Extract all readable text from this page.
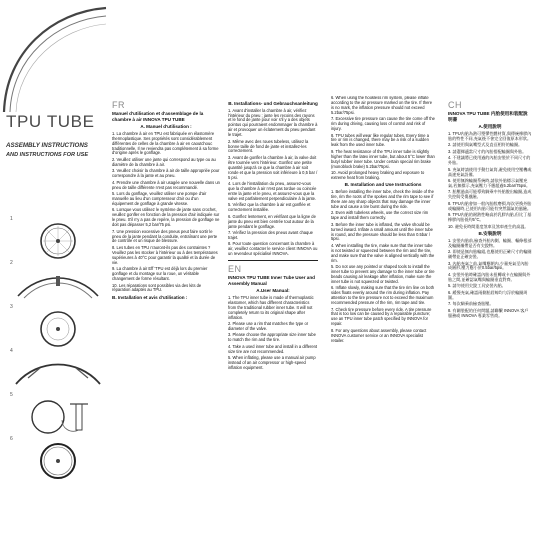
TPU TUBE
ASSEMBLY INSTRUCTIONS
AND INSTRUCTIONS FOR USE
1
2
3
4
5
6
FR
Manuel d'utilisation et d'assemblage de la chambre à air INNOVA TPU TUBE
A. Manuel d'utilisation :

1. La chambre à air en TPU est fabriquée en élastomère thermoplastique. Ses propriétés sont considérablement différentes de celles de la chambre à air en caoutchouc traditionnelle. Il ne reviendra pas complètement à sa forme d'origine après le gonflage.

2. Veuillez utiliser une jante qui correspond au type ou au diamètre de la chambre à air.

3. Veuillez choisir la chambre à air de taille appropriée pour correspondre à la jante et au pneu.

4. Prendre une chambre à air usagée une nouvelle dans un pneu de taille différente n'est pas recommandé.

5. Lors du gonflage, veuillez utiliser une pompe d'air manuelle au lieu d'un compresseur d'air ou d'un équipement de gonflage à grande vitesse.

6. Lorsque vous utilisez le système de jante sans crochet, veuillez gonfler en fonction de la pression d'air indiquée sur le pneu. S'il n'y a pas de repère, la pression de gonflage ne doit pas dépasser 5,2 bar/75 psi.

7. Une pression excessive des pneus peut faire sortir le pneu de la jante pendant la conduite, entraînant une perte de contrôle et un risque de blessure.

8. Les tubes en TPU n'auront-ils pas des contraintes ? Veuillez pas les stocker à l'intérieur ou à des températures supérieures à 40°C pour garantir la qualité et la durée de vie.

9. La chambre à air Eff 'TPU est déjà lors du premier gonflage et du montage sur la roue, un véritable changement de forme résultant.

10. Les réparations sont possibles via des kits de réparation adaptés au TPU.

B. Installation et avis d'utilisation :
B. Installations- und Gebrauchsanleitung

1. Avant d'installer la chambre à air, vérifiez l'intérieur du pneu ; jante les recoins des rayons et le fond de jante pour voir s'il y a des objets pointus qui pourraient endommager la chambre à air et provoquer un éclatement du pneu pendant le trajet.

2. Même avec des roues tubeless, utilisez la bonne taille de fond de jante et installez-les correctement.

3. Avant de gonfler la chambre à air, la valve doit être tournée vers l'intérieur. Gonflez une petite quantité jusqu'à ce que la chambre à air soit ronde et que la pression soit inférieure à 0,5 bar / 5 psi.

4. Lors de l'installation du pneu, assurez-vous que la chambre à air n'est pas tordue ou coincée entre la jante et le pneu, et assurez-vous que la valve est parfaitement perpendiculaire à la jante.

5. Vérifiez que la chambre à air est gonflée et correctement installée.

6. Gonflez lentement, en vérifiant que la ligne de jante du pneu est bien centrée tout autour de la jante pendant le gonflage.

7. Vérifiez la pression des pneus avant chaque trajet.

8. Pour toute question concernant la chambre à air, veuillez contacter le service client INNOVA ou un revendeur spécialisé INNOVA.

EN
INNOVA TPU TUBE Inner Tube User and Assembly Manual
A.User Manual:

1. The TPU inner tube is made of thermoplastic elastomer, which has different characteristics from the traditional rubber inner tube. It will not completely return to its original shape after inflation.

2. Please use a rim that matches the type or diameter of the valve.

3. Please choose the appropriate size inner tube to match the rim and the tire.

4. Take a used inner tube and install in a different size tire are not recommended.

5. When inflating, please use a manual air pump instead of an air compressor or high-speed inflation equipment.

6. When using the hookless rim system, please inflate according to the air pressure marked on the tire. If there is no mark, the inflation pressure should not exceed 5.2bar/75psi.

7. Excessive tire pressure can cause the tire come off the rim during driving, causing loss of control and risk of injury.

8. TPU tubes will wear like regular tubes. Every time a tire or rim is changed, there may be a risk of a sudden leak from the used inner tube.

9. The heat resistance of the TPU inner tube is slightly higher than the latex inner tube, but about 5°C lower than butyl rubber inner tube. Under certain special rim brake (monoblock brake) 5.2bar/75psi.

10. Avoid prolonged heavy braking and exposure to extreme heat from braking.

B. Installation and Use Instructions

1. Before installing the inner tube, check the inside of the tire, rim the roots of the spokes and the rim tape to see if there are any sharp objects that may damage the inner tube and cause a tire burst during the ride.

2. Even with tubeless wheels, use the correct size rim tape and install them correctly.

3. Before the inner tube is inflated, the valve should be turned inward. Inflate a small amount until the inner tube is round, and the pressure should be less than 0.5bar / 5psi.

4. When installing the tire, make sure that the inner tube is not twisted or squeezed between the rim and the tire, and make sure that the valve is aligned vertically with the rim.

5. Do not use any pointed or shaped tools to install the inner tube to prevent any damage to the inner tube or tire beads causing air leakage after inflation, make sure the inner tube is not squeezed or twisted.

6. Inflate slowly, making sure that the tire rim line on both sides floats evenly around the rim during inflation. Pay attention to the tire pressure not to exceed the maximum recommended pressure of the rim, rim tape and tire.

7. Check tire pressure before every ride. A tire pressure that is too low can be caused by a repairable puncture; use an TPU inner tube patch specified by INNOVA for repair.

8. For any questions about assembly, please contact INNOVA customer service or an INNOVA specialist retailer.

CH
INNOVA TPU TUBE 内胎使用和装配說明書
A.使用說明

1. TPU內胎為熱可塑彈性體材質,與傳統橡膠內胎的特性不同,充氣後不會完全回復原本形狀。

2. 請使用與氣嘴型式及直徑相符的輪圈。

3. 請選擇適當尺寸的內胎搭配輪圈與外胎。

4. 不建議將已使用過的內胎安裝於不同尺寸的外胎。

5. 充氣時請使用手動打氣筒,避免使用空壓機或高速充氣設備。

6. 使用無鉤輪圈系統時,請依外胎標示氣壓充氣,若無標示,充氣壓力不應超過5.2bar/75psi。

7. 胎壓過高可能導致騎乘中外胎脫出輪圈,造成失控與受傷風險。

8. TPU內胎會如一般內胎般磨損,每次更換外胎或輪圈時,已使用內胎可能有突然漏氣的風險。

9. TPU內胎的耐熱性略高於乳膠內胎,但比丁基橡膠內胎低約5°C。

10. 避免長時間重度煞車及煞車產生的高溫。

B.安裝說明

1. 安裝內胎前,檢查外胎內側、輪圈、輻條根部及輪圈襯帶是否有尖銳物。

2. 即使是無內胎輪組,也應使用正確尺寸的輪圈襯帶並正確安裝。

3. 內胎充氣之前,氣嘴應朝內,少量充氣至內胎成圓形,壓力應小於0.5bar/5psi。

4. 安裝外胎時確認內胎未扭轉或卡在輪圈與外胎之間,並確認氣嘴與輪圈垂直對齊。

5. 請勿使用尖銳工具安裝內胎。

6. 緩慢充氣,確認兩側胎唇線均勻浮於輪圈周圍。

7. 每次騎乘前檢查胎壓。

8. 有關裝配的任何問題,請聯繫 INNOVA 客戶服務或 INNOVA 專業零售商。
